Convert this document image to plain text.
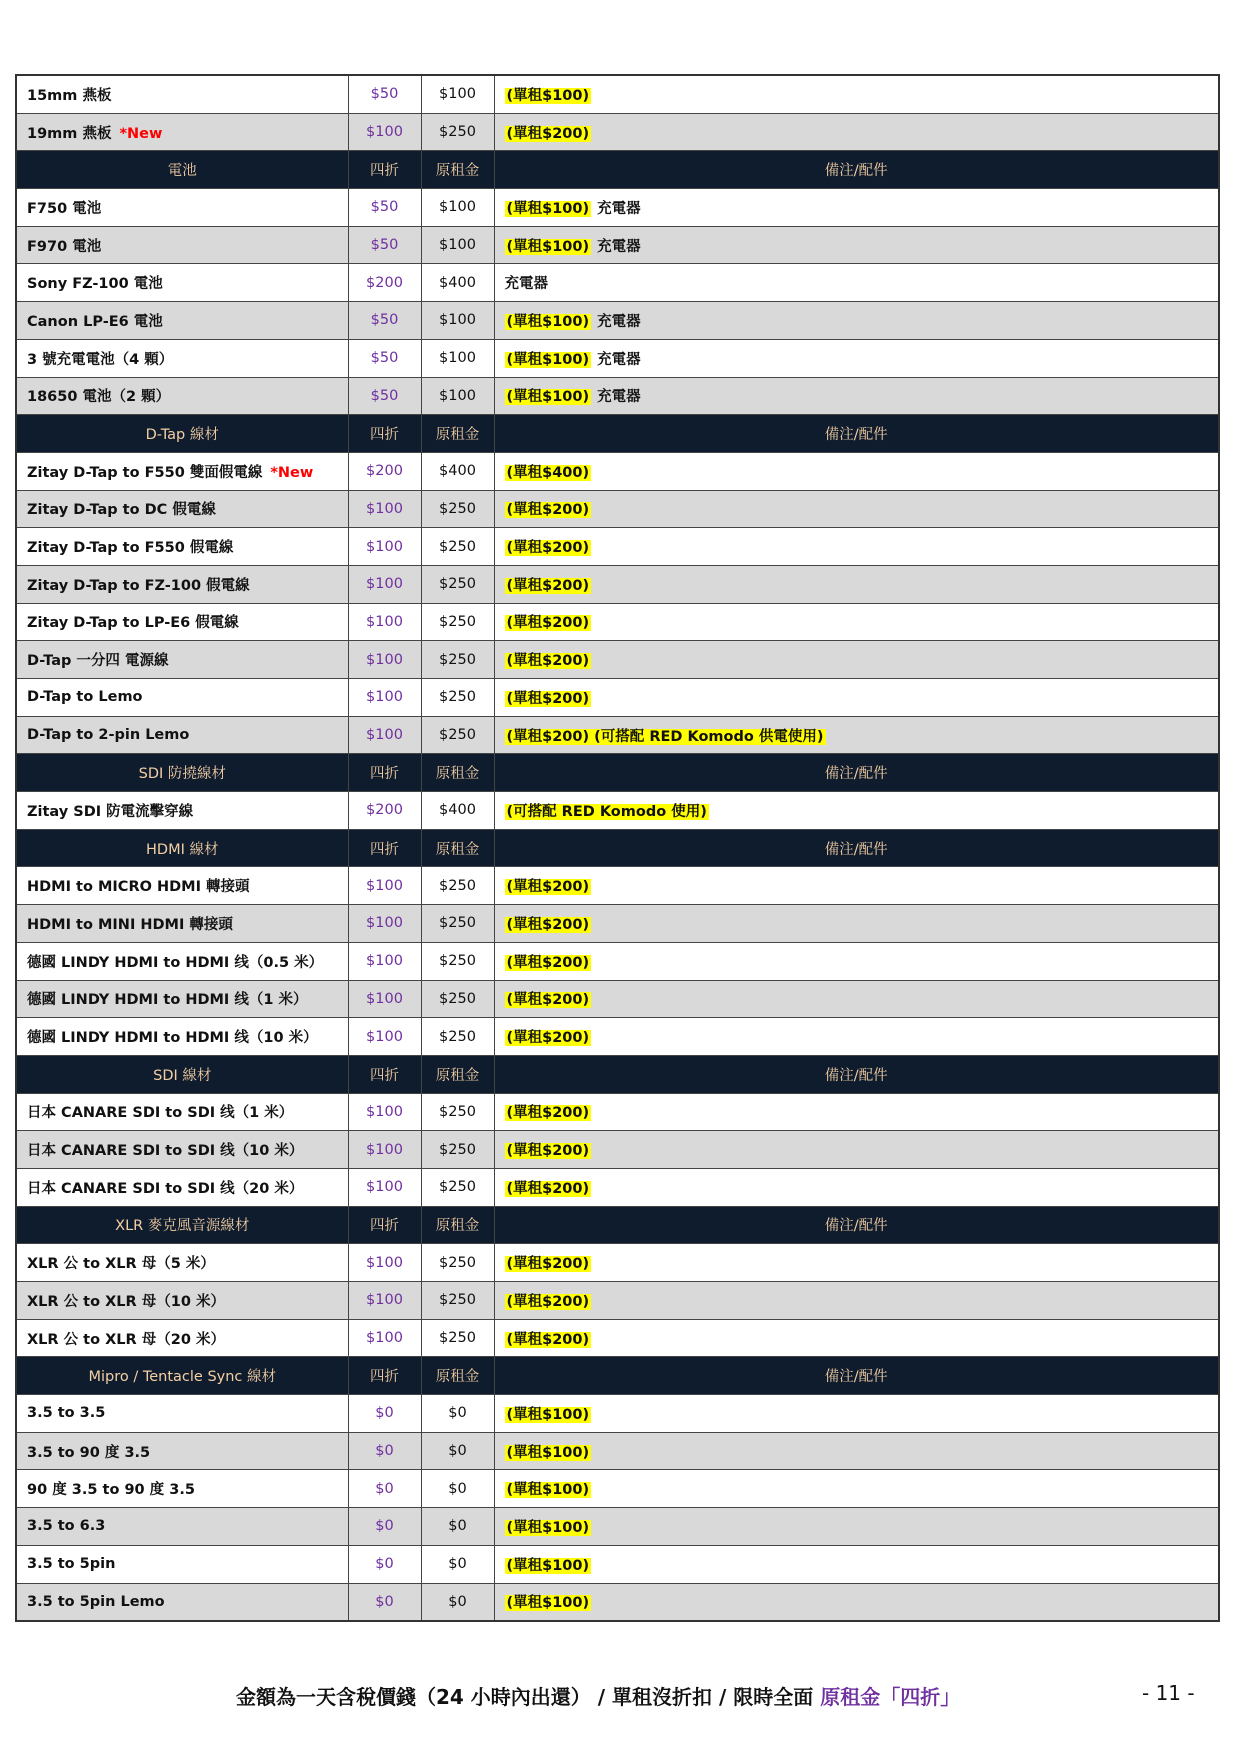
15mm 燕板	$50	$100	(單租$100)
19mm 燕板 *New	$100	$250	(單租$200)
電池	四折	原租金	備注/配件
F750 電池	$50	$100	(單租$100) 充電器
F970 電池	$50	$100	(單租$100) 充電器
Sony FZ-100 電池	$200	$400	充電器
Canon LP-E6 電池	$50	$100	(單租$100) 充電器
3 號充電電池（4 顆）	$50	$100	(單租$100) 充電器
18650 電池（2 顆）	$50	$100	(單租$100) 充電器
D-Tap 線材	四折	原租金	備注/配件
Zitay D-Tap to F550 雙面假電線 *New	$200	$400	(單租$400)
Zitay D-Tap to DC 假電線	$100	$250	(單租$200)
Zitay D-Tap to F550 假電線	$100	$250	(單租$200)
Zitay D-Tap to FZ-100 假電線	$100	$250	(單租$200)
Zitay D-Tap to LP-E6 假電線	$100	$250	(單租$200)
D-Tap 一分四 電源線	$100	$250	(單租$200)
D-Tap to Lemo	$100	$250	(單租$200)
D-Tap to 2-pin Lemo	$100	$250	(單租$200) (可搭配 RED Komodo 供電使用)
SDI 防撓線材	四折	原租金	備注/配件
Zitay SDI 防電流擊穿線	$200	$400	(可搭配 RED Komodo 使用)
HDMI 線材	四折	原租金	備注/配件
HDMI to MICRO HDMI 轉接頭	$100	$250	(單租$200)
HDMI to MINI HDMI 轉接頭	$100	$250	(單租$200)
德國 LINDY HDMI to HDMI 线（0.5 米）	$100	$250	(單租$200)
德國 LINDY HDMI to HDMI 线（1 米）	$100	$250	(單租$200)
德國 LINDY HDMI to HDMI 线（10 米）	$100	$250	(單租$200)
SDI 線材	四折	原租金	備注/配件
日本 CANARE SDI to SDI 线（1 米）	$100	$250	(單租$200)
日本 CANARE SDI to SDI 线（10 米）	$100	$250	(單租$200)
日本 CANARE SDI to SDI 线（20 米）	$100	$250	(單租$200)
XLR 麥克風音源線材	四折	原租金	備注/配件
XLR 公 to XLR 母（5 米）	$100	$250	(單租$200)
XLR 公 to XLR 母（10 米）	$100	$250	(單租$200)
XLR 公 to XLR 母（20 米）	$100	$250	(單租$200)
Mipro / Tentacle Sync 線材	四折	原租金	備注/配件
3.5 to 3.5	$0	$0	(單租$100)
3.5 to 90 度 3.5	$0	$0	(單租$100)
90 度 3.5 to 90 度 3.5	$0	$0	(單租$100)
3.5 to 6.3	$0	$0	(單租$100)
3.5 to 5pin	$0	$0	(單租$100)
3.5 to 5pin Lemo	$0	$0	(單租$100)
金額為一天含稅價錢（24 小時內出還） / 單租沒折扣 / 限時全面 原租金「四折」	- 11 -
